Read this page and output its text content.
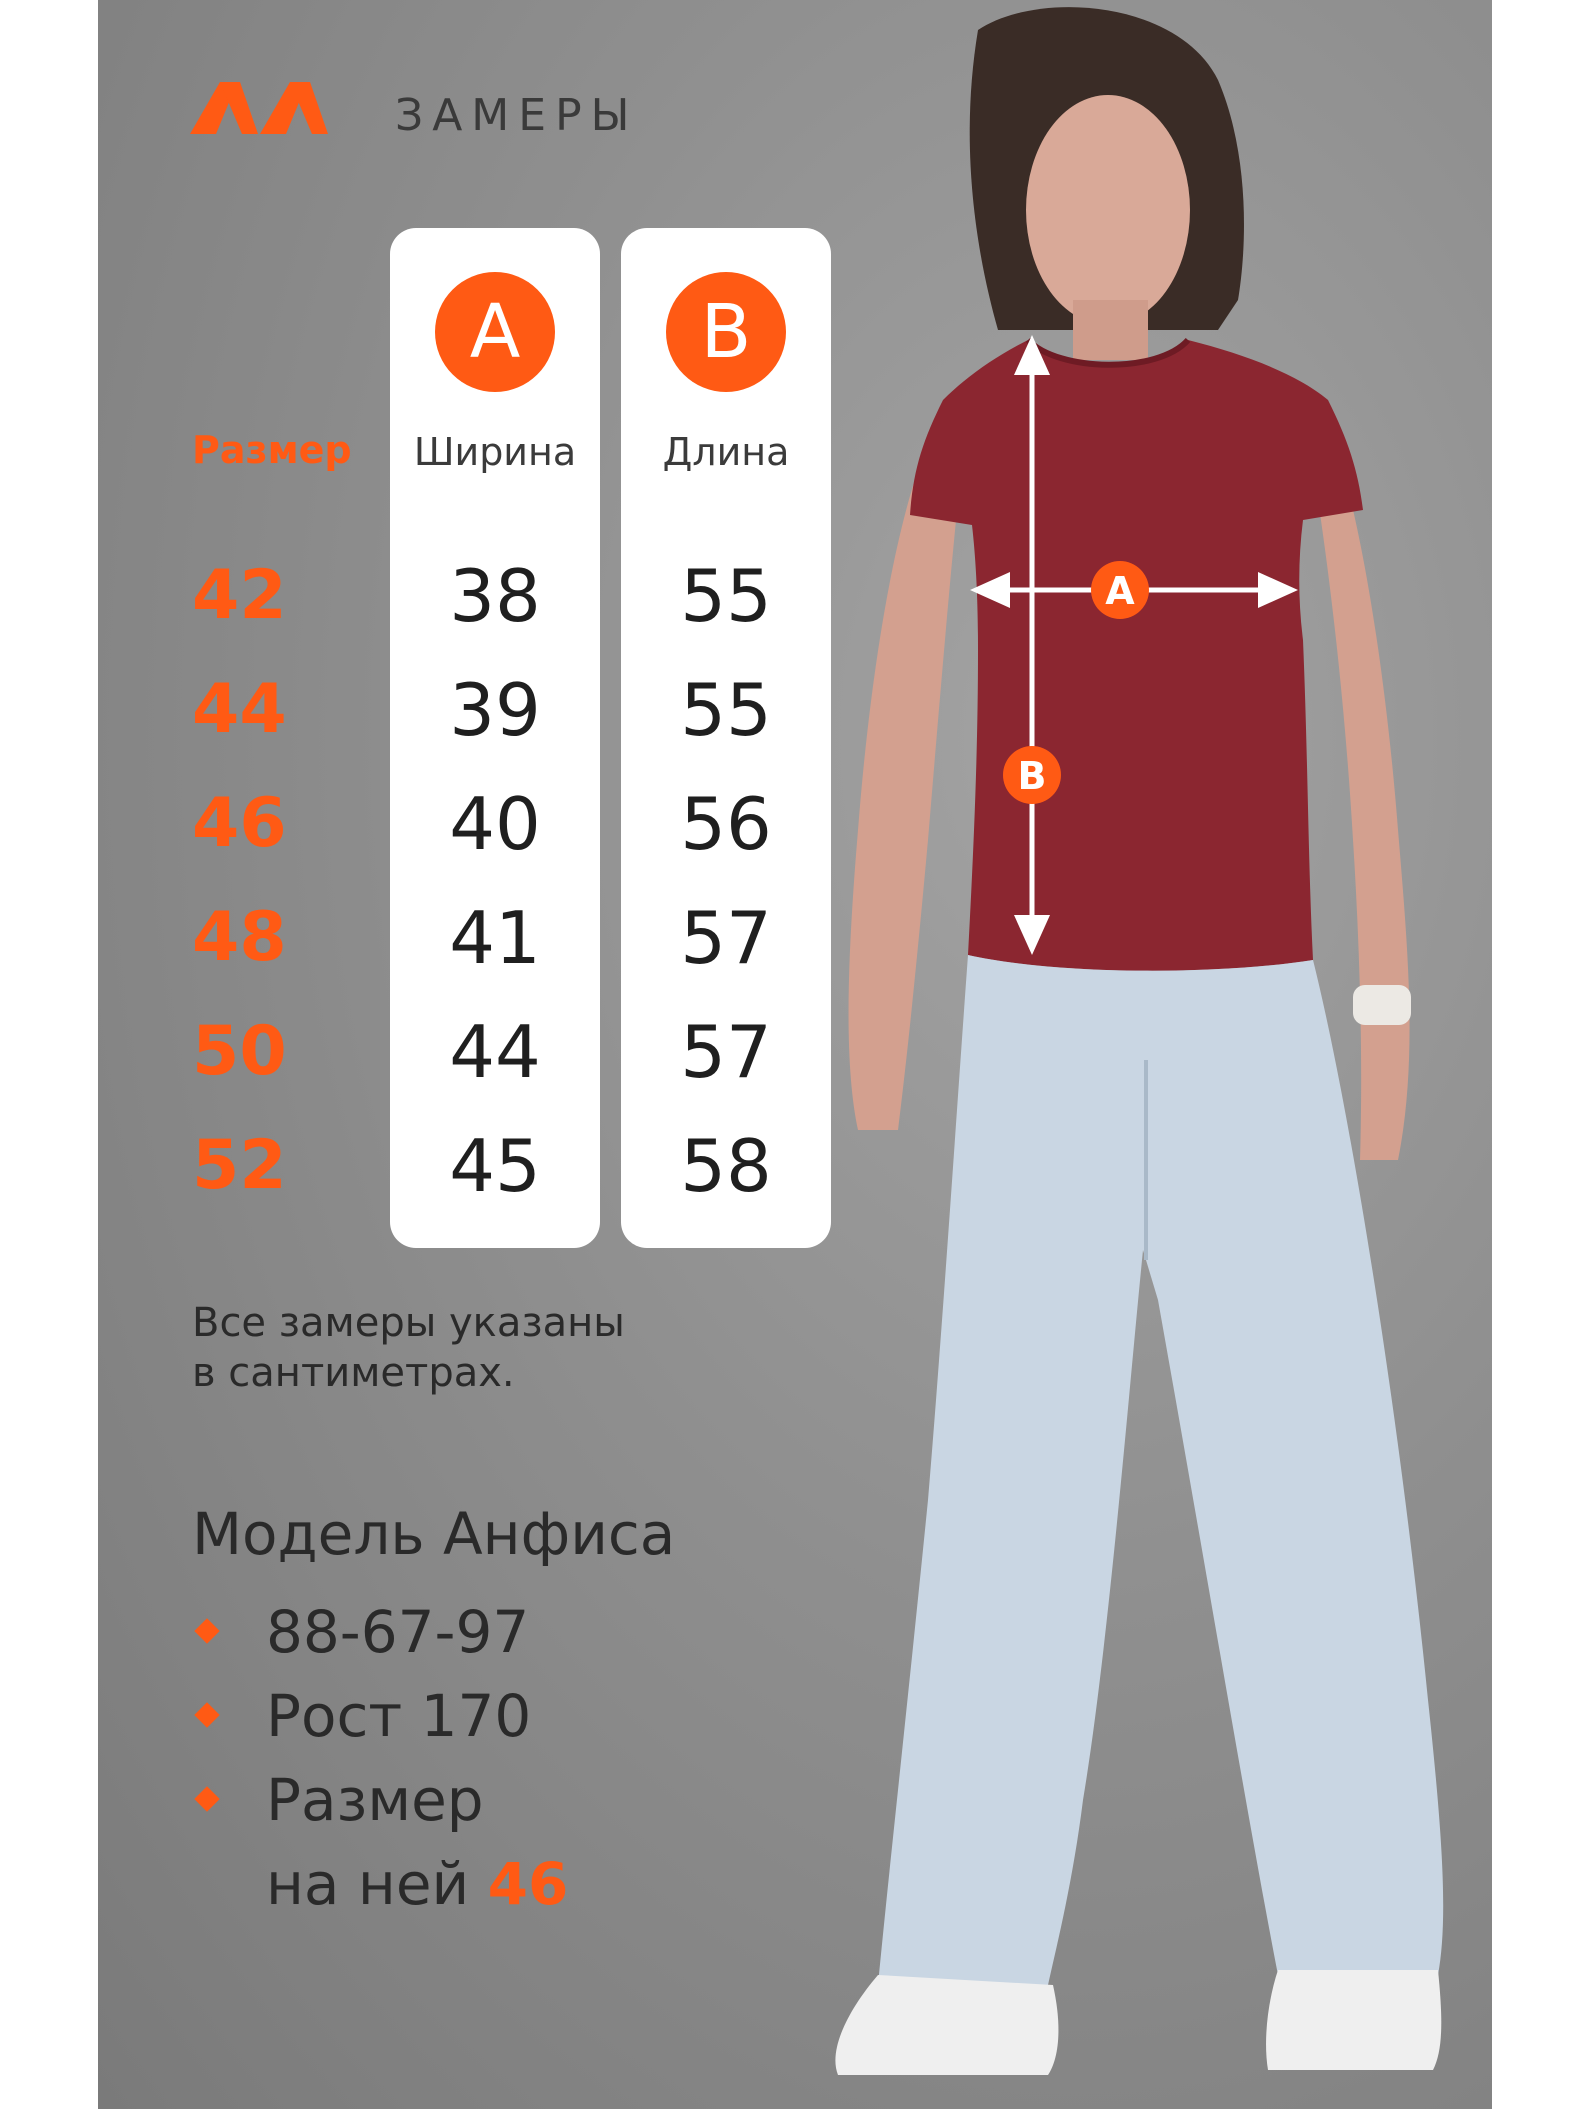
A
B
ЗАМЕРЫ
Размер
42
44
46
48
50
52
A
Ширина
38
39
40
41
44
45
B
Длина
55
55
56
57
57
58
Все замеры указаны
в сантиметрах.
Модель Анфиса
88-67-97
Рост 170
Размер
на ней 46
